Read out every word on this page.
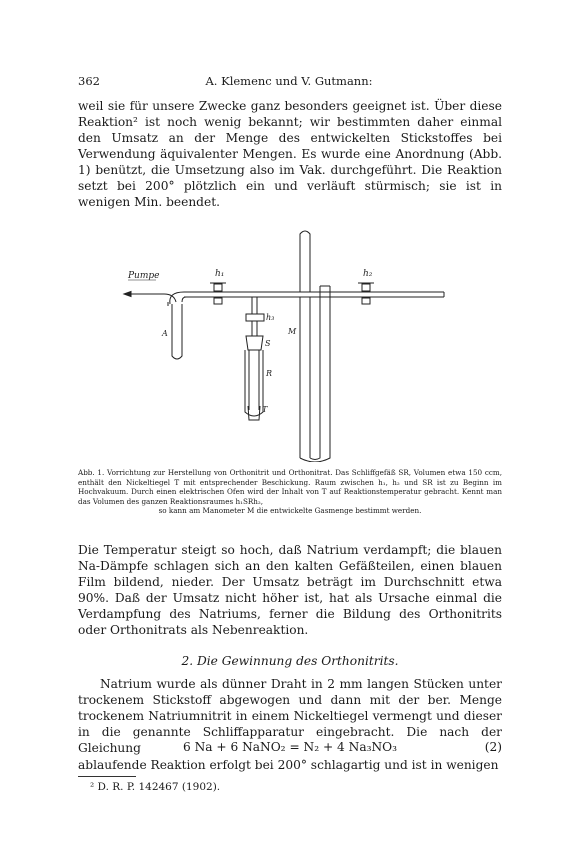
362	A. Klemenc und V. Gutmann:
weil sie für unsere Zwecke ganz besonders geeignet ist. Über diese Reaktion² ist noch wenig bekannt; wir bestimmten daher einmal den Umsatz an der Menge des entwickelten Stickstoffes bei Verwendung äquivalenter Mengen. Es wurde eine Anordnung (Abb. 1) benützt, die Umsetzung also im Vak. durchgeführt. Die Reaktion setzt bei 200° plötzlich ein und verläuft stürmisch; sie ist in wenigen Min. beendet.
Pumpe	h₁	h₂
h₃
A
S
M
R
T
Abb. 1. Vorrichtung zur Herstellung von Orthonitrit und Orthonitrat. Das Schliffgefäß SR, Volumen etwa 150 ccm, enthält den Nickeltiegel T mit entsprechender Beschickung. Raum zwischen h₁, h₂ und SR ist zu Beginn im Hochvakuum. Durch einen elektrischen Ofen wird der Inhalt von T auf Reaktionstemperatur gebracht. Kennt man das Volumen des ganzen Reaktionsraumes h₁SRh₂,
so kann am Manometer M die entwickelte Gasmenge bestimmt werden.
Die Temperatur steigt so hoch, daß Natrium verdampft; die blauen Na-Dämpfe schlagen sich an den kalten Gefäßteilen, einen blauen Film bildend, nieder. Der Umsatz beträgt im Durchschnitt etwa 90%. Daß der Umsatz nicht höher ist, hat als Ursache einmal die Verdampfung des Natriums, ferner die Bildung des Orthonitrits oder Orthonitrats als Nebenreaktion.
2. Die Gewinnung des Orthonitrits.
Natrium wurde als dünner Draht in 2 mm langen Stücken unter trockenem Stickstoff abgewogen und dann mit der ber. Menge trockenem Natriumnitrit in einem Nickeltiegel vermengt und dieser in die genannte Schliffapparatur eingebracht. Die nach der Gleichung	6 Na + 6 NaNO₂ = N₂ + 4 Na₃NO₃	(2)
ablaufende Reaktion erfolgt bei 200° schlagartig und ist in wenigen
² D. R. P. 142467 (1902).
